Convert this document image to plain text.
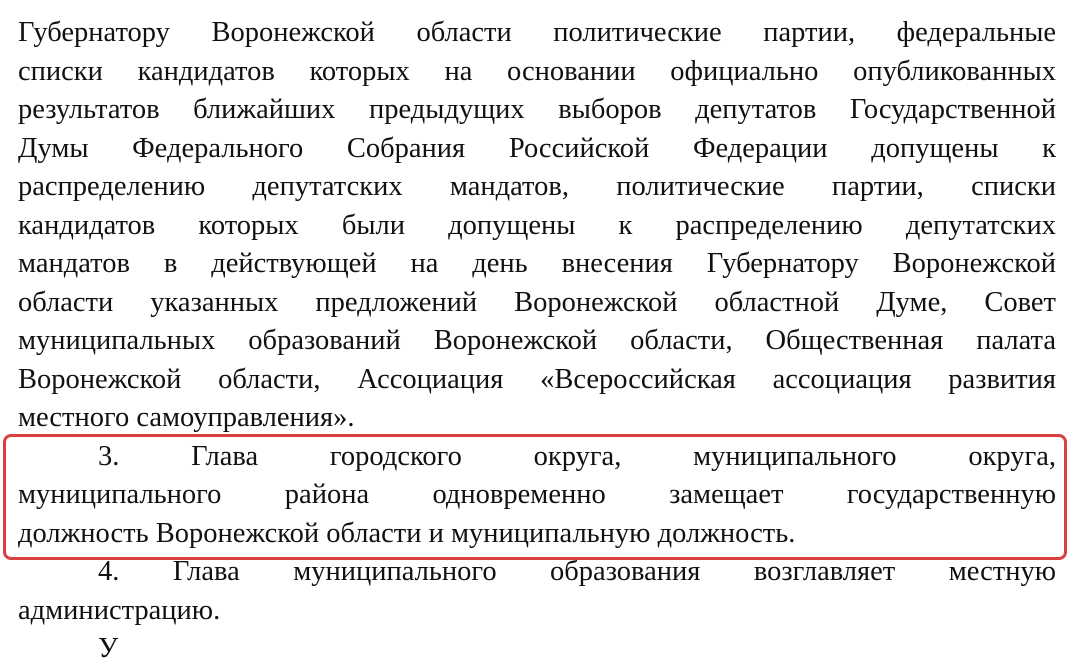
Губернатору Воронежской области политические партии, федеральные
списки кандидатов которых на основании официально опубликованных
результатов ближайших предыдущих выборов депутатов Государственной
Думы Федерального Собрания Российской Федерации допущены к
распределению депутатских мандатов, политические партии, списки
кандидатов которых были допущены к распределению депутатских
мандатов в действующей на день внесения Губернатору Воронежской
области указанных предложений Воронежской областной Думе, Совет
муниципальных образований Воронежской области, Общественная палата
Воронежской области, Ассоциация «Всероссийская ассоциация развития
местного самоуправления».
3. Глава городского округа, муниципального округа,
муниципального района одновременно замещает государственную
должность Воронежской области и муниципальную должность.
4. Глава муниципального образования возглавляет местную
администрацию.
У
